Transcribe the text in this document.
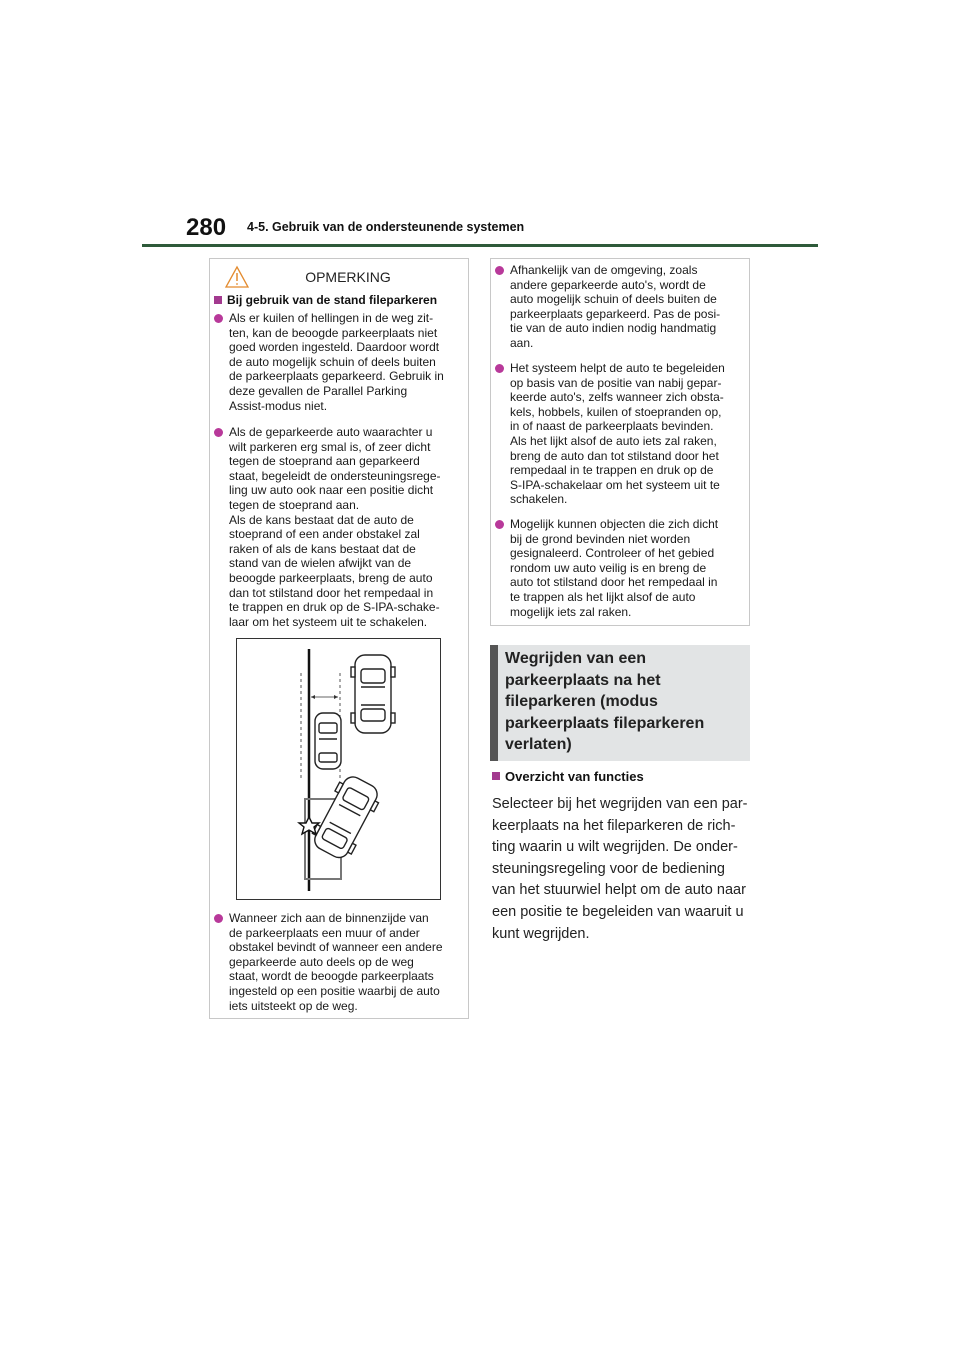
280 4-5. Gebruik van de ondersteunende systemen
OPMERKING
Bij gebruik van de stand fileparkeren
Als er kuilen of hellingen in de weg zit-
ten, kan de beoogde parkeerplaats niet
goed worden ingesteld. Daardoor wordt
de auto mogelijk schuin of deels buiten
de parkeerplaats geparkeerd. Gebruik in
deze gevallen de Parallel Parking
Assist-modus niet.
Als de geparkeerde auto waarachter u
wilt parkeren erg smal is, of zeer dicht
tegen de stoeprand aan geparkeerd
staat, begeleidt de ondersteuningsrege-
ling uw auto ook naar een positie dicht
tegen de stoeprand aan.
Als de kans bestaat dat de auto de
stoeprand of een ander obstakel zal
raken of als de kans bestaat dat de
stand van de wielen afwijkt van de
beoogde parkeerplaats, breng de auto
dan tot stilstand door het rempedaal in
te trappen en druk op de S-IPA-schake-
laar om het systeem uit te schakelen.
Wanneer zich aan de binnenzijde van
de parkeerplaats een muur of ander
obstakel bevindt of wanneer een andere
geparkeerde auto deels op de weg
staat, wordt de beoogde parkeerplaats
ingesteld op een positie waarbij de auto
iets uitsteekt op de weg.
Afhankelijk van de omgeving, zoals
andere geparkeerde auto's, wordt de
auto mogelijk schuin of deels buiten de
parkeerplaats geparkeerd. Pas de posi-
tie van de auto indien nodig handmatig
aan.
Het systeem helpt de auto te begeleiden
op basis van de positie van nabij gepar-
keerde auto's, zelfs wanneer zich obsta-
kels, hobbels, kuilen of stoepranden op,
in of naast de parkeerplaats bevinden.
Als het lijkt alsof de auto iets zal raken,
breng de auto dan tot stilstand door het
rempedaal in te trappen en druk op de
S-IPA-schakelaar om het systeem uit te
schakelen.
Mogelijk kunnen objecten die zich dicht
bij de grond bevinden niet worden
gesignaleerd. Controleer of het gebied
rondom uw auto veilig is en breng de
auto tot stilstand door het rempedaal in
te trappen als het lijkt alsof de auto
mogelijk iets zal raken.
Wegrijden van een
parkeerplaats na het
fileparkeren (modus
parkeerplaats fileparkeren
verlaten)
Overzicht van functies
Selecteer bij het wegrijden van een par-
keerplaats na het fileparkeren de rich-
ting waarin u wilt wegrijden. De onder-
steuningsregeling voor de bediening
van het stuurwiel helpt om de auto naar
een positie te begeleiden van waaruit u
kunt wegrijden.
